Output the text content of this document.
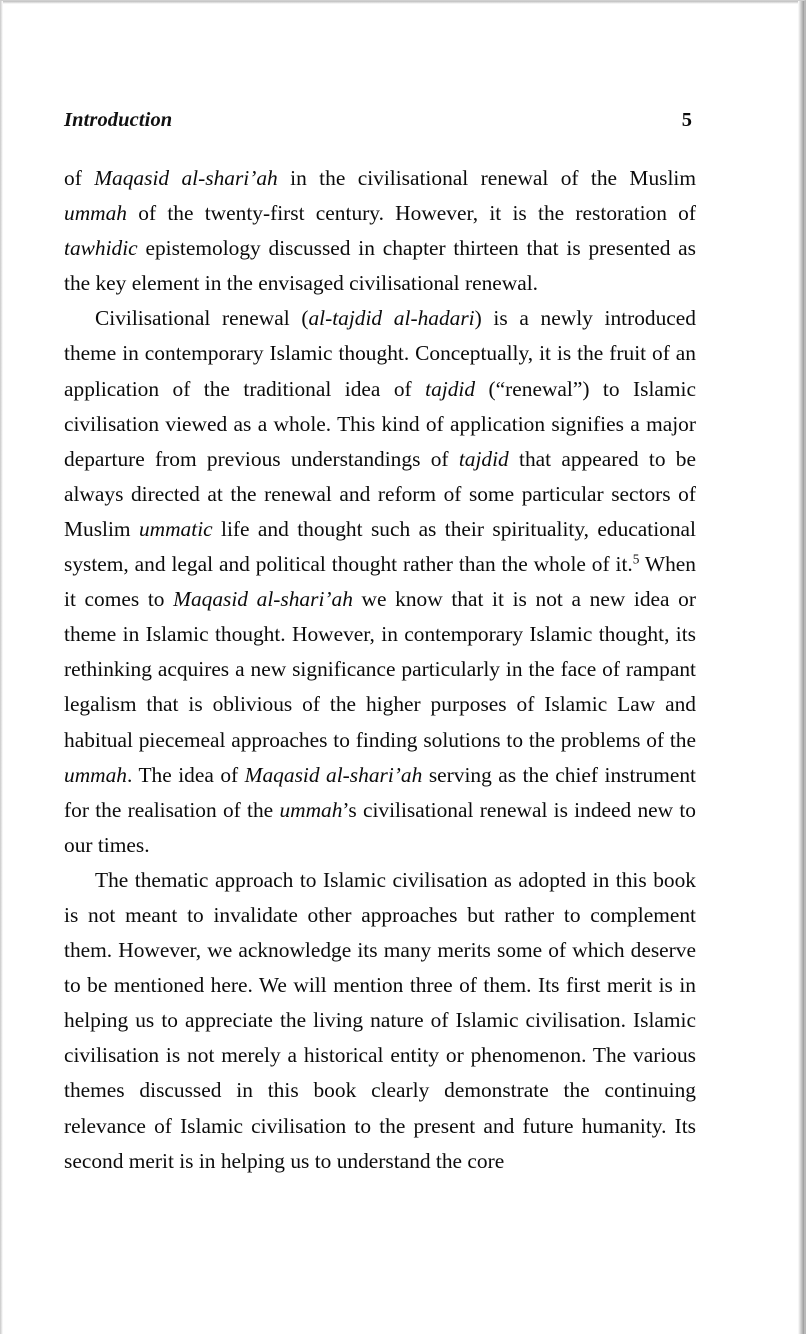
Introduction	5

of Maqasid al-shari’ah in the civilisational renewal of the Muslim ummah of the twenty-first century. However, it is the restoration of tawhidic epistemology discussed in chapter thirteen that is presented as the key element in the envisaged civilisational renewal.

Civilisational renewal (al-tajdid al-hadari) is a newly introduced theme in contemporary Islamic thought. Conceptually, it is the fruit of an application of the traditional idea of tajdid (“renewal”) to Islamic civilisation viewed as a whole. This kind of application signifies a major departure from previous understandings of tajdid that appeared to be always directed at the renewal and reform of some particular sectors of Muslim ummatic life and thought such as their spirituality, educational system, and legal and political thought rather than the whole of it.$^5$ When it comes to Maqasid al-shari’ah we know that it is not a new idea or theme in Islamic thought. However, in contemporary Islamic thought, its rethinking acquires a new significance particularly in the face of rampant legalism that is oblivious of the higher purposes of Islamic Law and habitual piecemeal approaches to finding solutions to the problems of the ummah. The idea of Maqasid al-shari’ah serving as the chief instrument for the realisation of the ummah’s civilisational renewal is indeed new to our times.

The thematic approach to Islamic civilisation as adopted in this book is not meant to invalidate other approaches but rather to complement them. However, we acknowledge its many merits some of which deserve to be mentioned here. We will mention three of them. Its first merit is in helping us to appreciate the living nature of Islamic civilisation. Islamic civilisation is not merely a historical entity or phenomenon. The various themes discussed in this book clearly demonstrate the continuing relevance of Islamic civilisation to the present and future humanity. Its second merit is in helping us to understand the core
